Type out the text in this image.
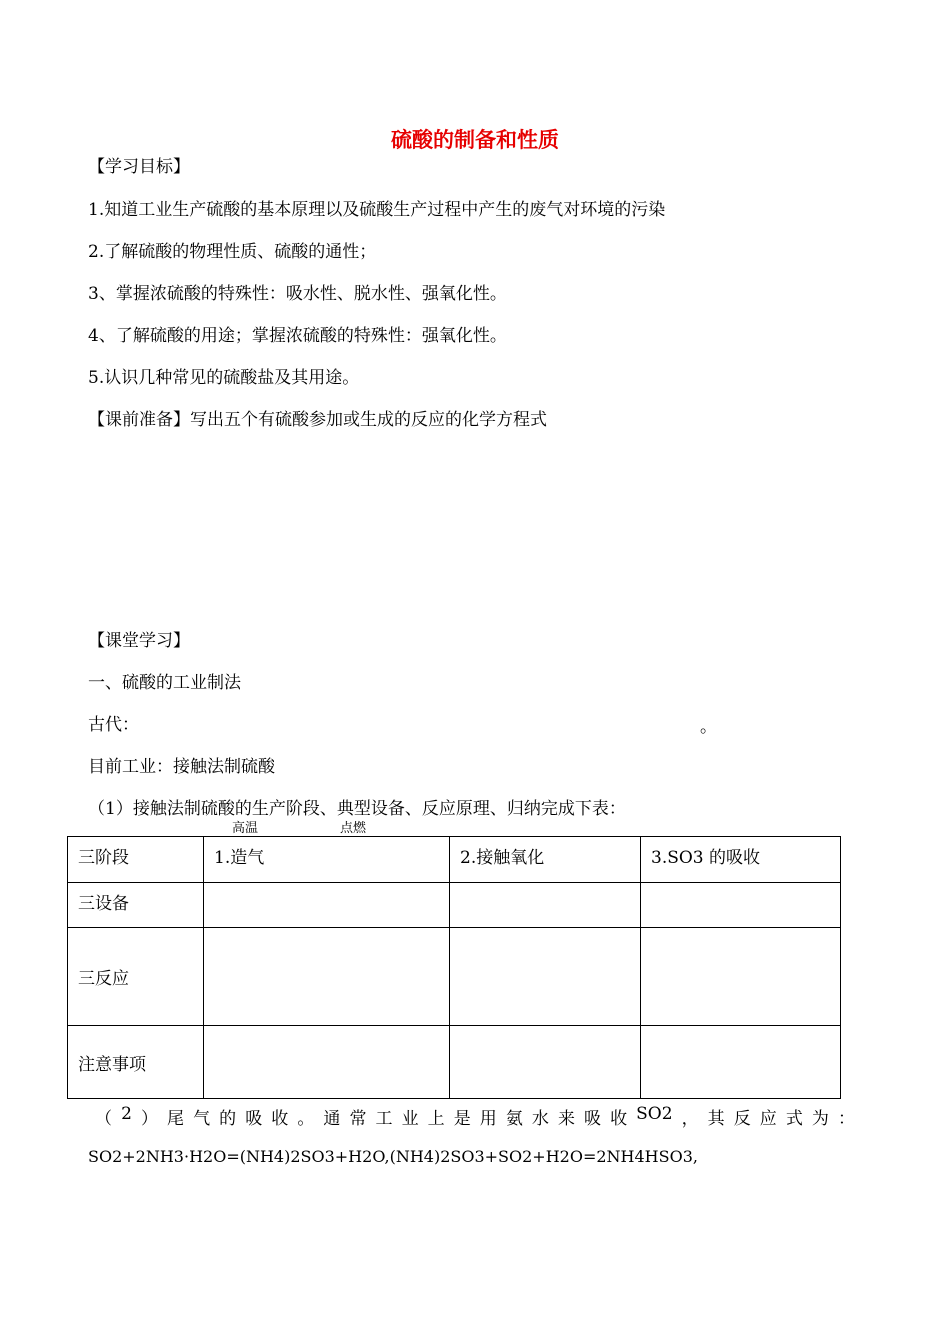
硫酸的制备和性质
【学习目标】
1.知道工业生产硫酸的基本原理以及硫酸生产过程中产生的废气对环境的污染
2.了解硫酸的物理性质、硫酸的通性；
3、掌握浓硫酸的特殊性：吸水性、脱水性、强氧化性。
4、了解硫酸的用途；掌握浓硫酸的特殊性：强氧化性。
5.认识几种常见的硫酸盐及其用途。
【课前准备】写出五个有硫酸参加或生成的反应的化学方程式
【课堂学习】
一、硫酸的工业制法
古代：	。
目前工业：接触法制硫酸
（1）接触法制硫酸的生产阶段、典型设备、反应原理、归纳完成下表：
高温	点燃
三阶段	1.造气	2.接触氧化	3.SO3 的吸收
三设备			
三反应			
注意事项			
（ 2 ） 尾 气 的 吸 收 。 通 常 工 业 上 是 用 氨 水 来 吸 收 SO2 ， 其 反 应 式 为 ：
SO2+2NH3·H2O=(NH4)2SO3+H2O,(NH4)2SO3+SO2+H2O=2NH4HSO3,
